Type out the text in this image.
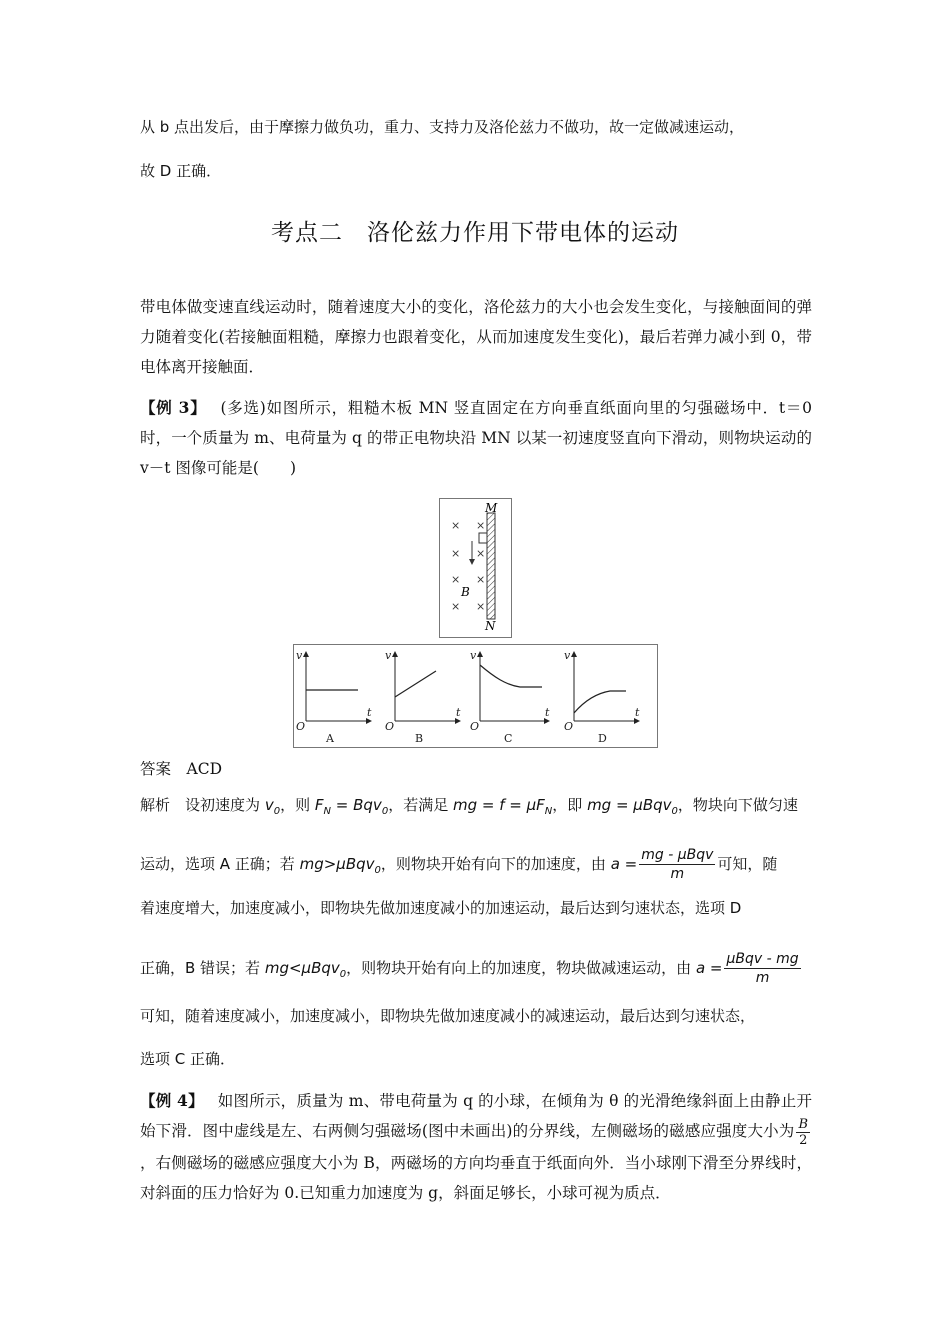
从 b 点出发后，由于摩擦力做负功，重力、支持力及洛伦兹力不做功，故一定做减速运动，

故 D 正确．

考点二　洛伦兹力作用下带电体的运动

带电体做变速直线运动时，随着速度大小的变化，洛伦兹力的大小也会发生变化，与接触面间的弹力随着变化(若接触面粗糙，摩擦力也跟着变化，从而加速度发生变化)，最后若弹力减小到 0，带电体离开接触面．

【例 3】 (多选)如图所示，粗糙木板 MN 竖直固定在方向垂直纸面向里的匀强磁场中．t＝0 时，一个质量为 m、电荷量为 q 的带正电物块沿 MN 以某一初速度竖直向下滑动，则物块运动的 v－t 图像可能是(　　)

M
N
B
× ×
× ×
× ×
× ×
v
t
O
A
v
t
O
B
v
t
O
C
v
t
O
D

答案　 ACD

解析　 设初速度为 $v_0$，则 $F_N = Bqv_0$，若满足 mg = $f = \mu F_N$，即 mg = μBqv$_0$，物块向下做匀速

运动，选项 A 正确；若 mg>μBqv$_0$，则物块开始有向下的加速度，由 $a = \frac{\text{mg - μBqv}}{m}$ 可知，随

着速度增大，加速度减小，即物块先做加速度减小的加速运动，最后达到匀速状态，选项 D

正确，B 错误；若 mg<μBqv$_0$，则物块开始有向上的加速度，物块做减速运动，由 $a = \frac{\text{μBqv - mg}}{m}$

可知，随着速度减小，加速度减小，即物块先做加速度减小的减速运动，最后达到匀速状态，

选项 C 正确．

【例 4】 如图所示，质量为 m、带电荷量为 q 的小球，在倾角为 θ 的光滑绝缘斜面上由静止开始下滑．图中虚线是左、右两侧匀强磁场(图中未画出)的分界线，左侧磁场的磁感应强度大小为 $\frac{B}{2}$
，右侧磁场的磁感应强度大小为 B，两磁场的方向均垂直于纸面向外．当小球刚下滑至分界线时，对斜面的压力恰好为 0.已知重力加速度为 g，斜面足够长，小球可视为质点．
